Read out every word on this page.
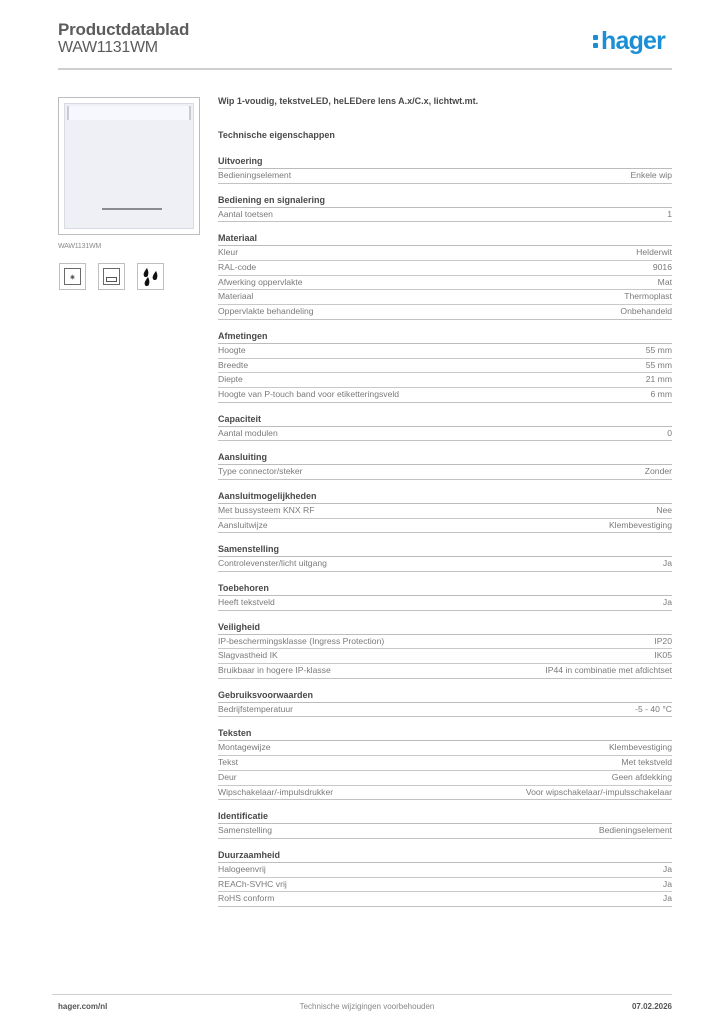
Productdatablad
WAW1131WM	hager
WAW1131WM
✷
Wip 1-voudig, tekstveLED, heLEDere lens A.x/C.x, lichtwt.mt.
Technische eigenschappen
Uitvoering
Bedieningselement	Enkele wip
Bediening en signalering
Aantal toetsen	1
Materiaal
Kleur	Helderwit
RAL-code	9016
Afwerking oppervlakte	Mat
Materiaal	Thermoplast
Oppervlakte behandeling	Onbehandeld
Afmetingen
Hoogte	55 mm
Breedte	55 mm
Diepte	21 mm
Hoogte van P-touch band voor etiketteringsveld	6 mm
Capaciteit
Aantal modulen	0
Aansluiting
Type connector/steker	Zonder
Aansluitmogelijkheden
Met bussysteem KNX RF	Nee
Aansluitwijze	Klembevestiging
Samenstelling
Controlevenster/licht uitgang	Ja
Toebehoren
Heeft tekstveld	Ja
Veiligheid
IP-beschermingsklasse (Ingress Protection)	IP20
Slagvastheid IK	IK05
Bruikbaar in hogere IP-klasse	IP44 in combinatie met afdichtset
Gebruiksvoorwaarden
Bedrijfstemperatuur	-5 - 40 °C
Teksten
Montagewijze	Klembevestiging
Tekst	Met tekstveld
Deur	Geen afdekking
Wipschakelaar/-impulsdrukker	Voor wipschakelaar/-impulsschakelaar
Identificatie
Samenstelling	Bedieningselement
Duurzaamheid
Halogeenvrij	Ja
REACh-SVHC vrij	Ja
RoHS conform	Ja
hager.com/nl	Technische wijzigingen voorbehouden	07.02.2026
